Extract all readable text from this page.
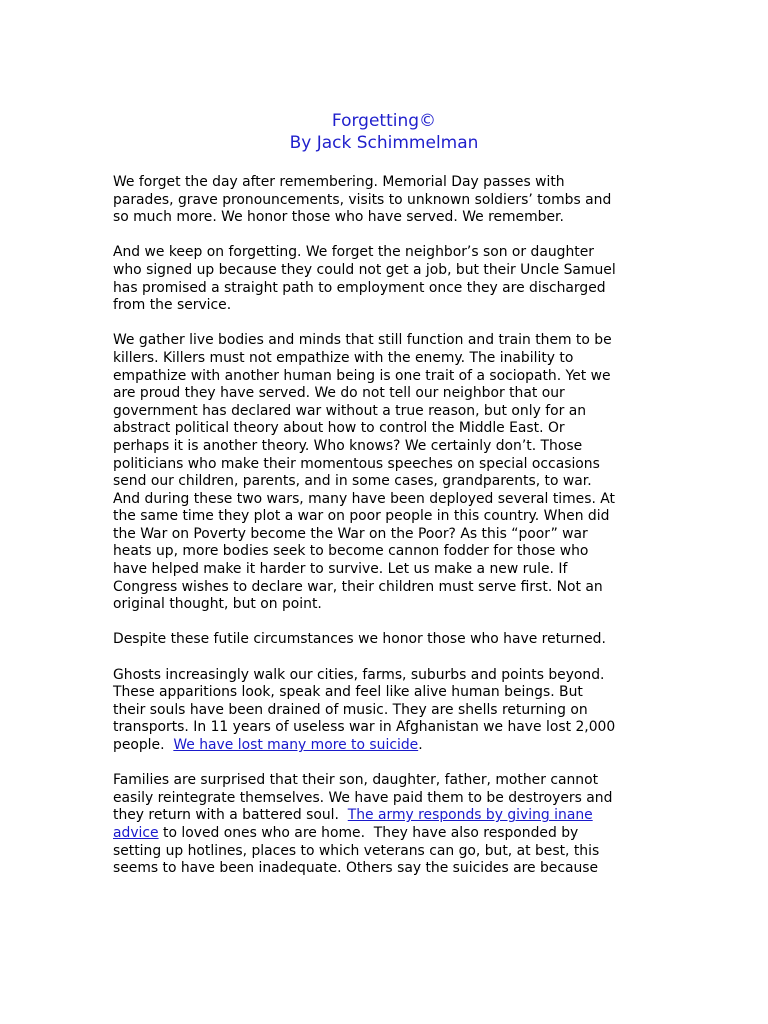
Forgetting©
By Jack Schimmelman

We forget the day after remembering. Memorial Day passes with
parades, grave pronouncements, visits to unknown soldiers’ tombs and
so much more. We honor those who have served. We remember.

And we keep on forgetting. We forget the neighbor’s son or daughter
who signed up because they could not get a job, but their Uncle Samuel
has promised a straight path to employment once they are discharged
from the service.

We gather live bodies and minds that still function and train them to be
killers. Killers must not empathize with the enemy. The inability to
empathize with another human being is one trait of a sociopath. Yet we
are proud they have served. We do not tell our neighbor that our
government has declared war without a true reason, but only for an
abstract political theory about how to control the Middle East. Or
perhaps it is another theory. Who knows? We certainly don’t. Those
politicians who make their momentous speeches on special occasions
send our children, parents, and in some cases, grandparents, to war.
And during these two wars, many have been deployed several times. At
the same time they plot a war on poor people in this country. When did
the War on Poverty become the War on the Poor? As this “poor” war
heats up, more bodies seek to become cannon fodder for those who
have helped make it harder to survive. Let us make a new rule. If
Congress wishes to declare war, their children must serve first. Not an
original thought, but on point.

Despite these futile circumstances we honor those who have returned.

Ghosts increasingly walk our cities, farms, suburbs and points beyond.
These apparitions look, speak and feel like alive human beings. But
their souls have been drained of music. They are shells returning on
transports. In 11 years of useless war in Afghanistan we have lost 2,000
people.  We have lost many more to suicide.

Families are surprised that their son, daughter, father, mother cannot
easily reintegrate themselves. We have paid them to be destroyers and
they return with a battered soul.  The army responds by giving inane
advice to loved ones who are home.  They have also responded by
setting up hotlines, places to which veterans can go, but, at best, this
seems to have been inadequate. Others say the suicides are because
